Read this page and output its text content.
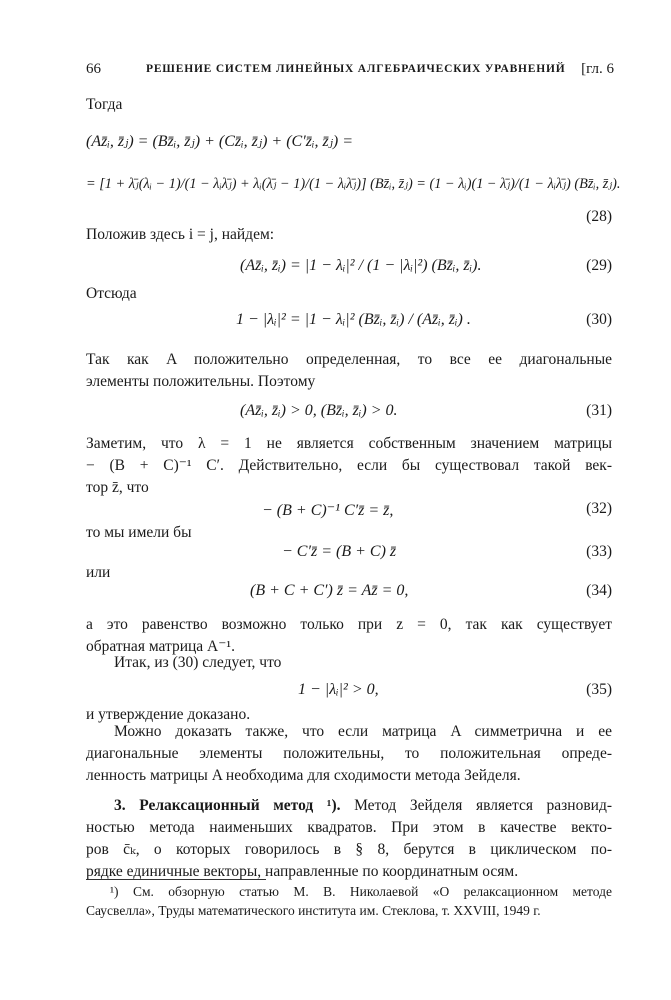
66	РЕШЕНИЕ СИСТЕМ ЛИНЕЙНЫХ АЛГЕБРАИЧЕСКИХ УРАВНЕНИЙ [гл. 6
Тогда
(Az̄ᵢ, z̄ⱼ) = (Bz̄ᵢ, z̄ⱼ) + (Cz̄ᵢ, z̄ⱼ) + (C′z̄ᵢ, z̄ⱼ) =
= [1 + λ̄ⱼ(λᵢ − 1)/(1 − λᵢλ̄ⱼ) + λᵢ(λ̄ⱼ − 1)/(1 − λᵢλ̄ⱼ)] (Bz̄ᵢ, z̄ⱼ) = (1 − λᵢ)(1 − λ̄ⱼ)/(1 − λᵢλ̄ⱼ) (Bz̄ᵢ, z̄ⱼ).
(28)
Положив здесь i = j, найдем:
(Az̄ᵢ, z̄ᵢ) = |1 − λᵢ|² / (1 − |λᵢ|²) (Bz̄ᵢ, z̄ᵢ).	(29)
Отсюда
1 − |λᵢ|² = |1 − λᵢ|² (Bz̄ᵢ, z̄ᵢ) / (Az̄ᵢ, z̄ᵢ) .	(30)
Так как A положительно определенная, то все ее диагональные
элементы положительны. Поэтому
(Az̄ᵢ, z̄ᵢ) > 0, (Bz̄ᵢ, z̄ᵢ) > 0.	(31)
Заметим, что λ = 1 не является собственным значением матрицы
− (B + C)⁻¹ C′. Действительно, если бы существовал такой век-
тор z̄, что
− (B + C)⁻¹ C′z̄ = z̄,	(32)
то мы имели бы
− C′z̄ = (B + C) z̄	(33)
или
(B + C + C′) z̄ = Az̄ = 0,	(34)
а это равенство возможно только при z = 0, так как существует
обратная матрица A⁻¹.
Итак, из (30) следует, что
1 − |λᵢ|² > 0,	(35)
и утверждение доказано.
Можно доказать также, что если матрица A симметрична и ее
диагональные элементы положительны, то положительная опреде-
ленность матрицы A необходима для сходимости метода Зейделя.
3. Релаксационный метод ¹). Метод Зейделя является разновид-
ностью метода наименьших квадратов. При этом в качестве векто-
ров c̄ₖ, о которых говорилось в § 8, берутся в циклическом по-
рядке единичные векторы, направленные по координатным осям.
¹) См. обзорную статью М. В. Николаевой «О релаксационном методе
Саусвелла», Труды математического института им. Стеклова, т. XXVIII, 1949 г.
